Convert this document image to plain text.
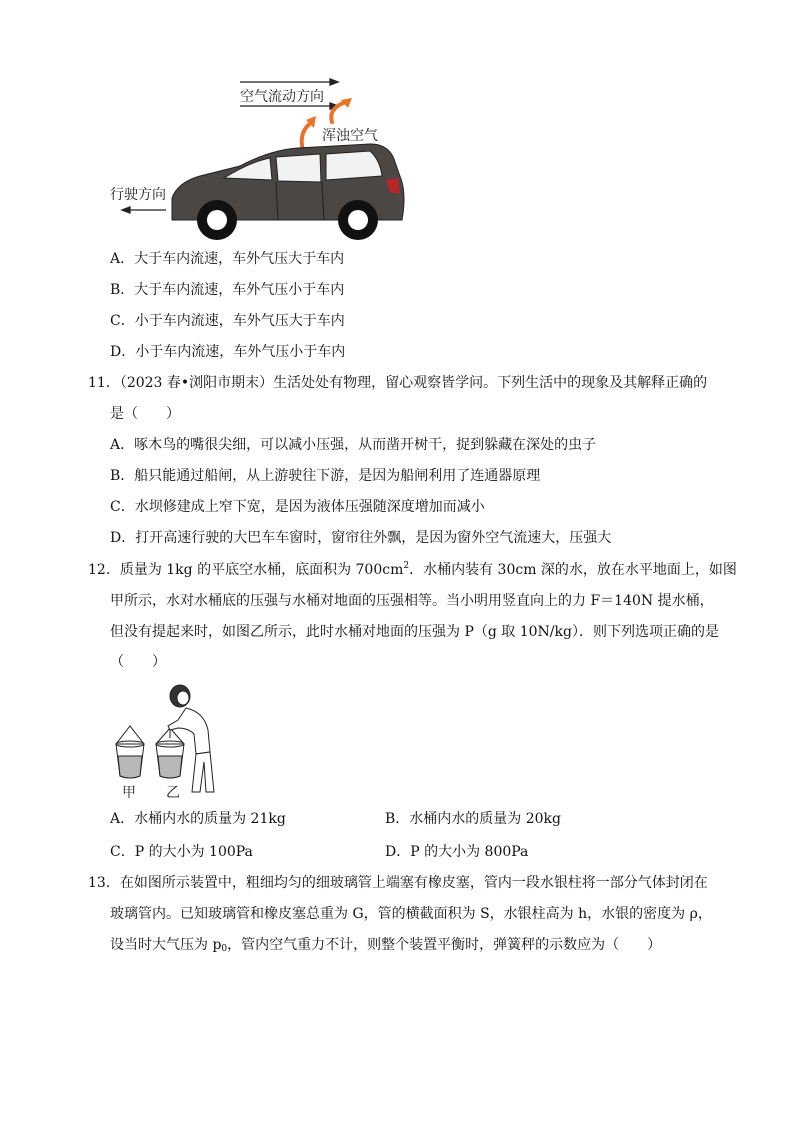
空气流动方向
浑浊空气
行驶方向
A．大于车内流速，车外气压大于车内
B．大于车内流速，车外气压小于车内
C．小于车内流速，车外气压大于车内
D．小于车内流速，车外气压小于车内
11．（2023 春•浏阳市期末）生活处处有物理，留心观察皆学问。下列生活中的现象及其解释正确的
是（　　）
A．啄木鸟的嘴很尖细，可以减小压强，从而凿开树干，捉到躲藏在深处的虫子
B．船只能通过船闸，从上游驶往下游，是因为船闸利用了连通器原理
C．水坝修建成上窄下宽，是因为液体压强随深度增加而减小
D．打开高速行驶的大巴车车窗时，窗帘往外飘，是因为窗外空气流速大，压强大
12．质量为 1kg 的平底空水桶，底面积为 $700cm^2$．水桶内装有 30cm 深的水，放在水平地面上，如图
甲所示，水对水桶底的压强与水桶对地面的压强相等。当小明用竖直向上的力 F＝140N 提水桶，
但没有提起来时，如图乙所示，此时水桶对地面的压强为 P（g 取 10N/kg）．则下列选项正确的是
（　　）
甲 乙
A．水桶内水的质量为 21kg	B．水桶内水的质量为 20kg
C．P 的大小为 100Pa	D．P 的大小为 800Pa
13．在如图所示装置中，粗细均匀的细玻璃管上端塞有橡皮塞，管内一段水银柱将一部分气体封闭在
玻璃管内。已知玻璃管和橡皮塞总重为 G，管的横截面积为 S，水银柱高为 h，水银的密度为 ρ，
设当时大气压为 p0，管内空气重力不计，则整个装置平衡时，弹簧秤的示数应为（　　）
